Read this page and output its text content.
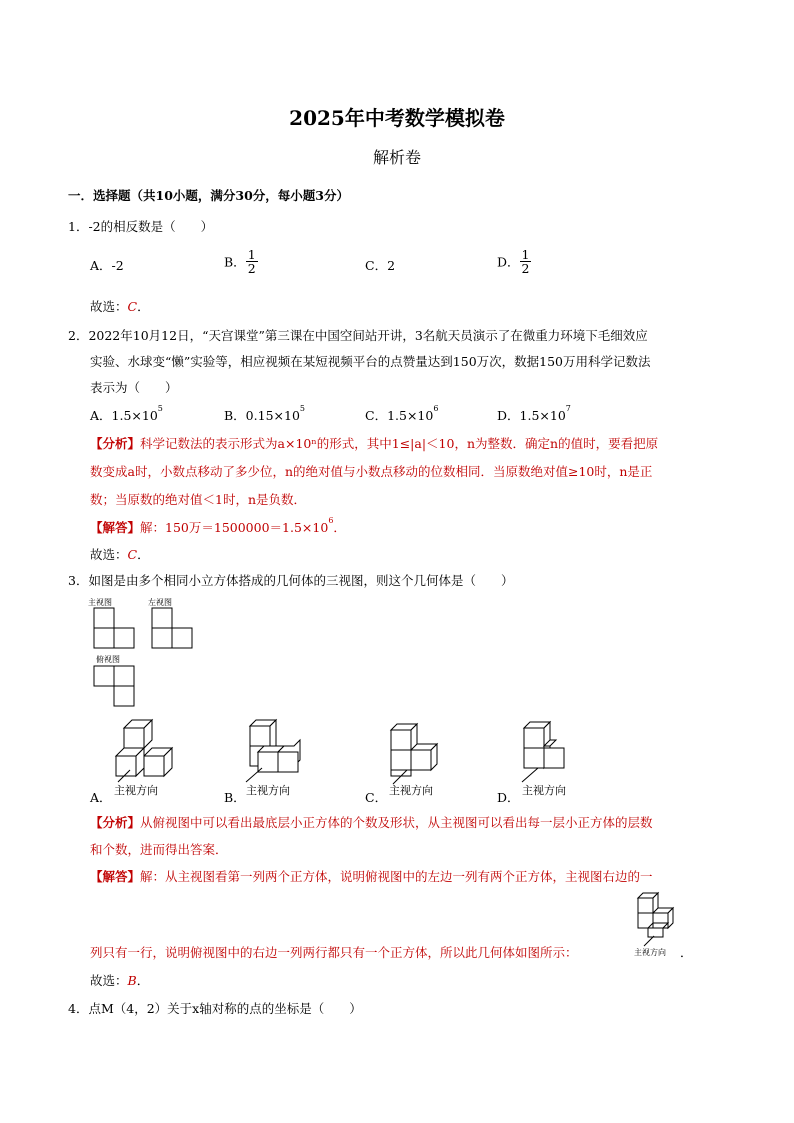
2025年中考数学模拟卷
解析卷
一．选择题（共10小题，满分30分，每小题3分）
1．-2的相反数是（　　）
A．-2	B． $\frac{1}{2}$	C．2	D． $\frac{1}{2}$
故选：C．
2．2022年10月12日，“天宫课堂”第三课在中国空间站开讲，3名航天员演示了在微重力环境下毛细效应
实验、水球变“懒”实验等，相应视频在某短视频平台的点赞量达到150万次，数据150万用科学记数法
表示为（　　）
A．$1.5\times 10^5$	B．$0.15\times 10^5$	C．$1.5\times 10^6$	D．$1.5\times 10^7$
【分析】科学记数法的表示形式为a×10ⁿ的形式，其中1≤|a|＜10，n为整数．确定n的值时，要看把原
数变成a时，小数点移动了多少位，n的绝对值与小数点移动的位数相同．当原数绝对值≥10时，n是正
数；当原数的绝对值＜1时，n是负数．
【解答】解：150万$=1500000=1.5\times 10^6$．
故选：C．
3．如图是由多个相同小立方体搭成的几何体的三视图，则这个几何体是（　　）
主视图	左视图
俯视图
A． 主视方向	B． 主视方向	C． 主视方向	D． 主视方向
【分析】从俯视图中可以看出最底层小正方体的个数及形状，从主视图可以看出每一层小正方体的层数
和个数，进而得出答案．
【解答】解：从主视图看第一列两个正方体，说明俯视图中的左边一列有两个正方体，主视图右边的一
主视方向
列只有一行，说明俯视图中的右边一列两行都只有一个正方体，所以此几何体如图所示：	．
故选：B．
4．点M（4，2）关于x轴对称的点的坐标是（　　）
